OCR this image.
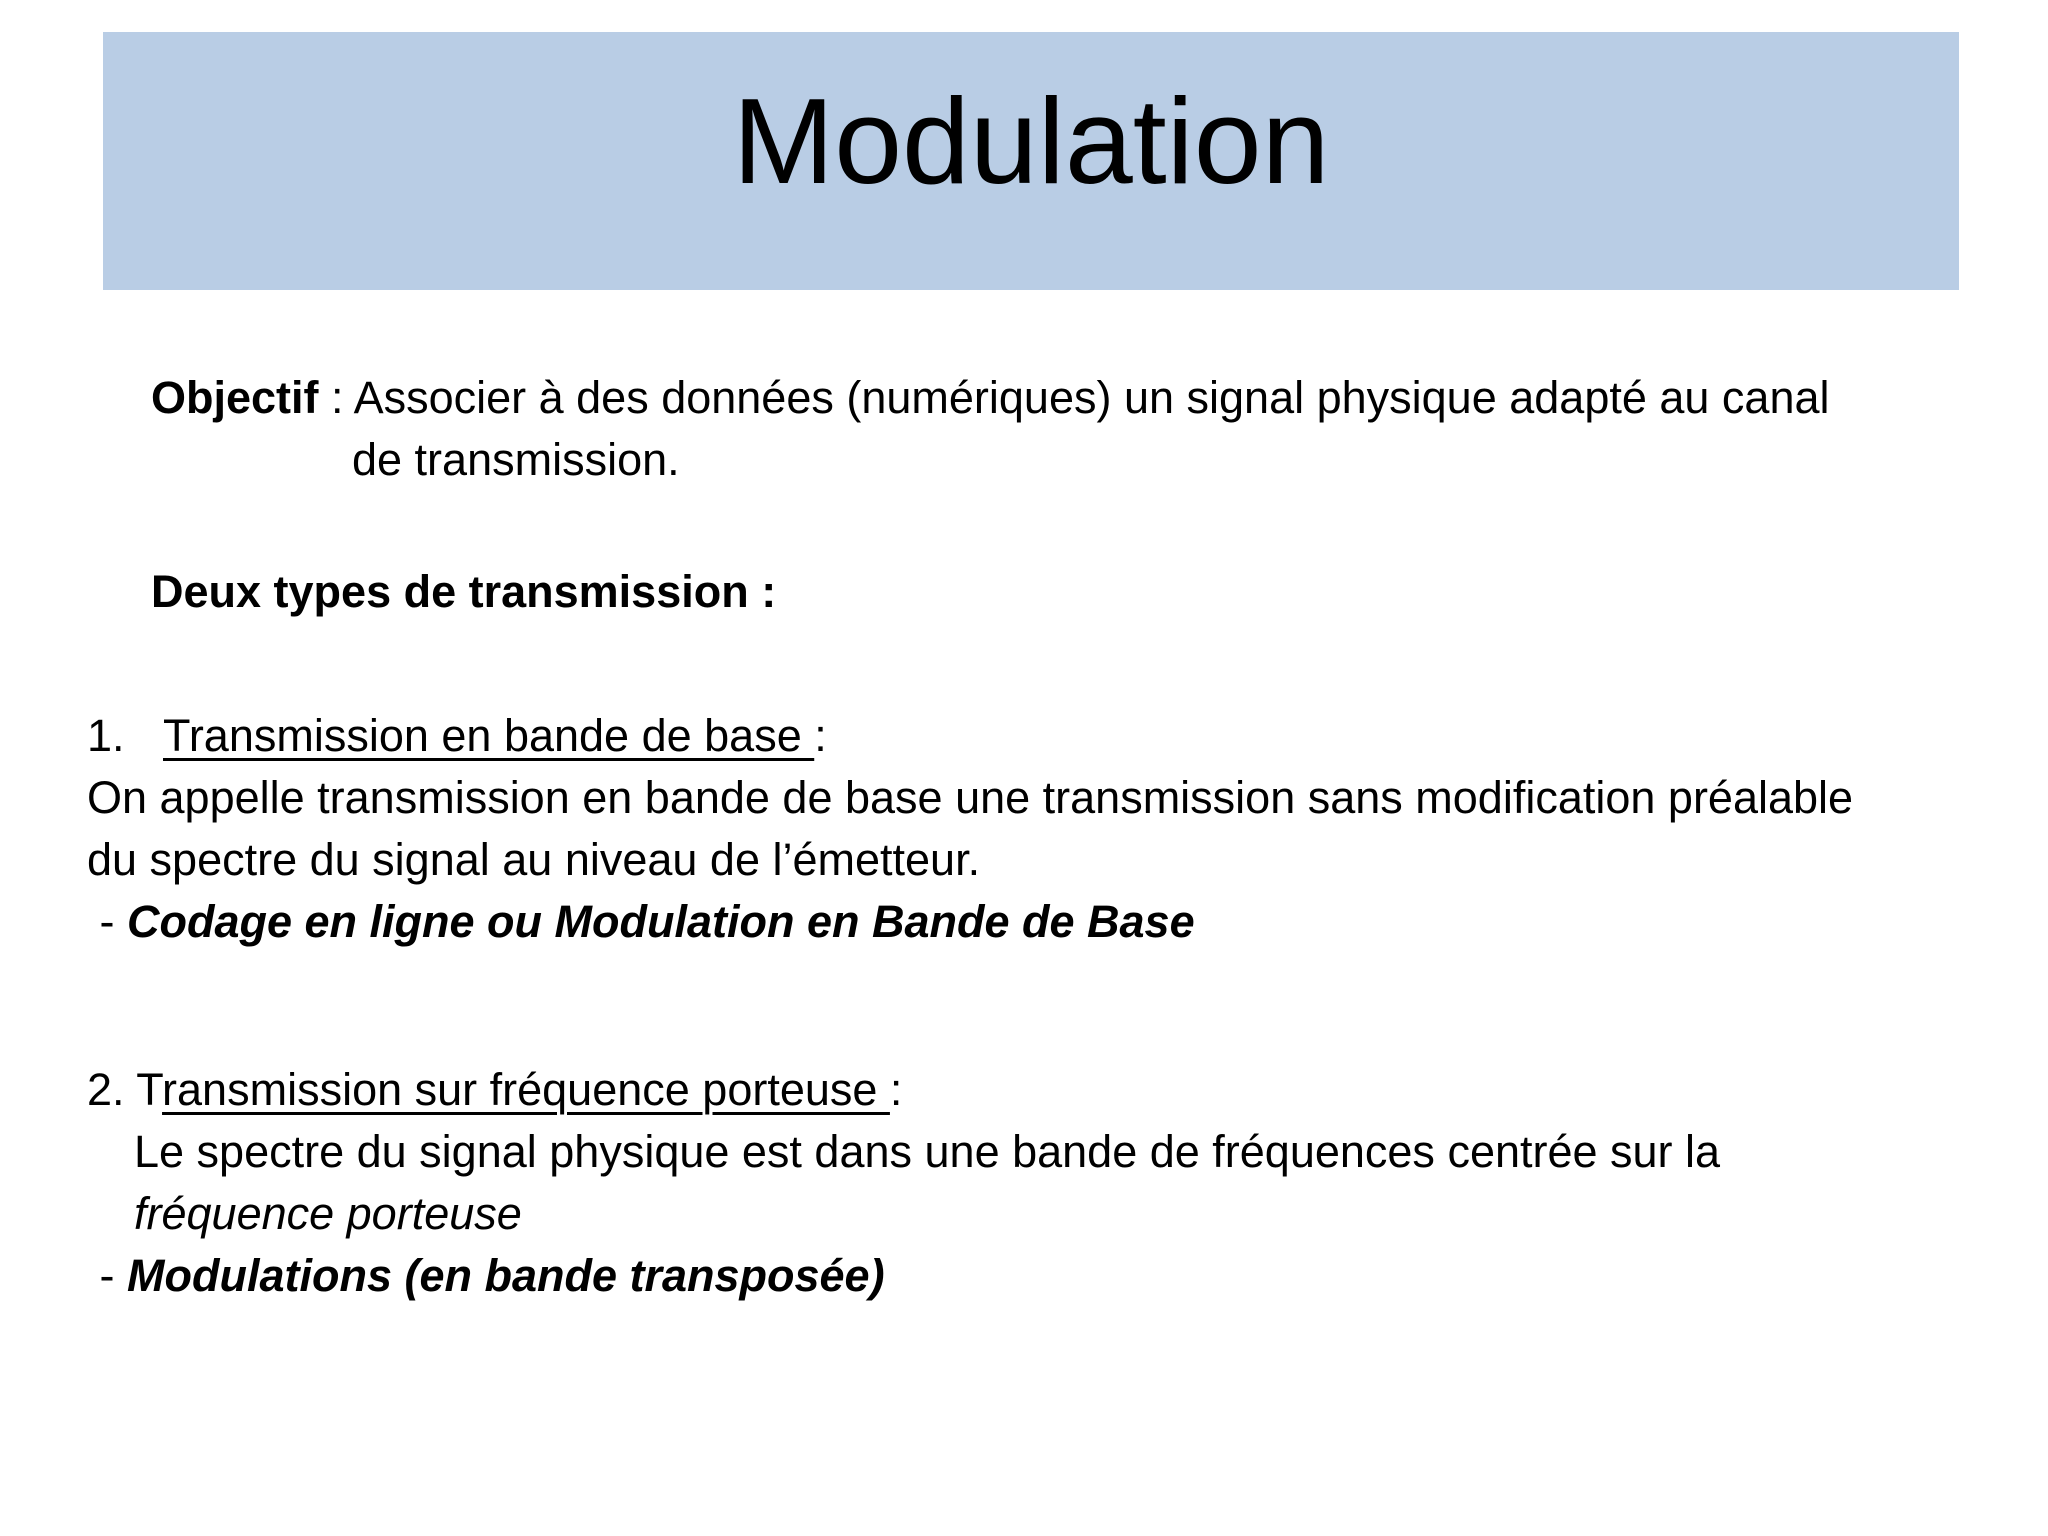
Modulation
Objectif : Associer à des données (numériques) un signal physique adapté au canal
de transmission.
Deux types de transmission :
1. Transmission en bande de base :
On appelle transmission en bande de base une transmission sans modification préalable
du spectre du signal au niveau de l’émetteur.
- Codage en ligne ou Modulation en Bande de Base
2. Transmission sur fréquence porteuse :
Le spectre du signal physique est dans une bande de fréquences centrée sur la
fréquence porteuse
- Modulations (en bande transposée)
